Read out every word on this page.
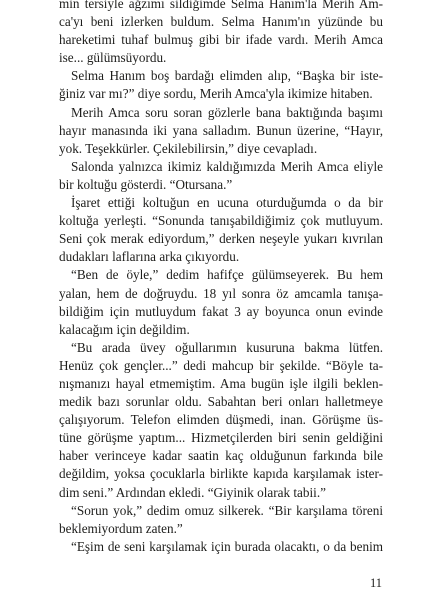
min tersiyle ağzımı sildiğimde Selma Hanım'la Merih Am-
ca'yı beni izlerken buldum. Selma Hanım'ın yüzünde bu
hareketimi tuhaf bulmuş gibi bir ifade vardı. Merih Amca
ise... gülümsüyordu.
Selma Hanım boş bardağı elimden alıp, “Başka bir iste-
ğiniz var mı?” diye sordu, Merih Amca'yla ikimize hitaben.
Merih Amca soru soran gözlerle bana baktığında başımı
hayır manasında iki yana salladım. Bunun üzerine, “Hayır,
yok. Teşekkürler. Çekilebilirsin,” diye cevapladı.
Salonda yalnızca ikimiz kaldığımızda Merih Amca eliyle
bir koltuğu gösterdi. “Otursana.”
İşaret ettiği koltuğun en ucuna oturduğumda o da bir
koltuğa yerleşti. “Sonunda tanışabildiğimiz çok mutluyum.
Seni çok merak ediyordum,” derken neşeyle yukarı kıvrılan
dudakları laflarına arka çıkıyordu.
“Ben de öyle,” dedim hafifçe gülümseyerek. Bu hem
yalan, hem de doğruydu. 18 yıl sonra öz amcamla tanışa-
bildiğim için mutluydum fakat 3 ay boyunca onun evinde
kalacağım için değildim.
“Bu arada üvey oğullarımın kusuruna bakma lütfen.
Henüz çok gençler...” dedi mahcup bir şekilde. “Böyle ta-
nışmanızı hayal etmemiştim. Ama bugün işle ilgili beklen-
medik bazı sorunlar oldu. Sabahtan beri onları halletmeye
çalışıyorum. Telefon elimden düşmedi, inan. Görüşme üs-
tüne görüşme yaptım... Hizmetçilerden biri senin geldiğini
haber verinceye kadar saatin kaç olduğunun farkında bile
değildim, yoksa çocuklarla birlikte kapıda karşılamak ister-
dim seni.” Ardından ekledi. “Giyinik olarak tabii.”
“Sorun yok,” dedim omuz silkerek. “Bir karşılama töreni
beklemiyordum zaten.”
“Eşim de seni karşılamak için burada olacaktı, o da benim
11
